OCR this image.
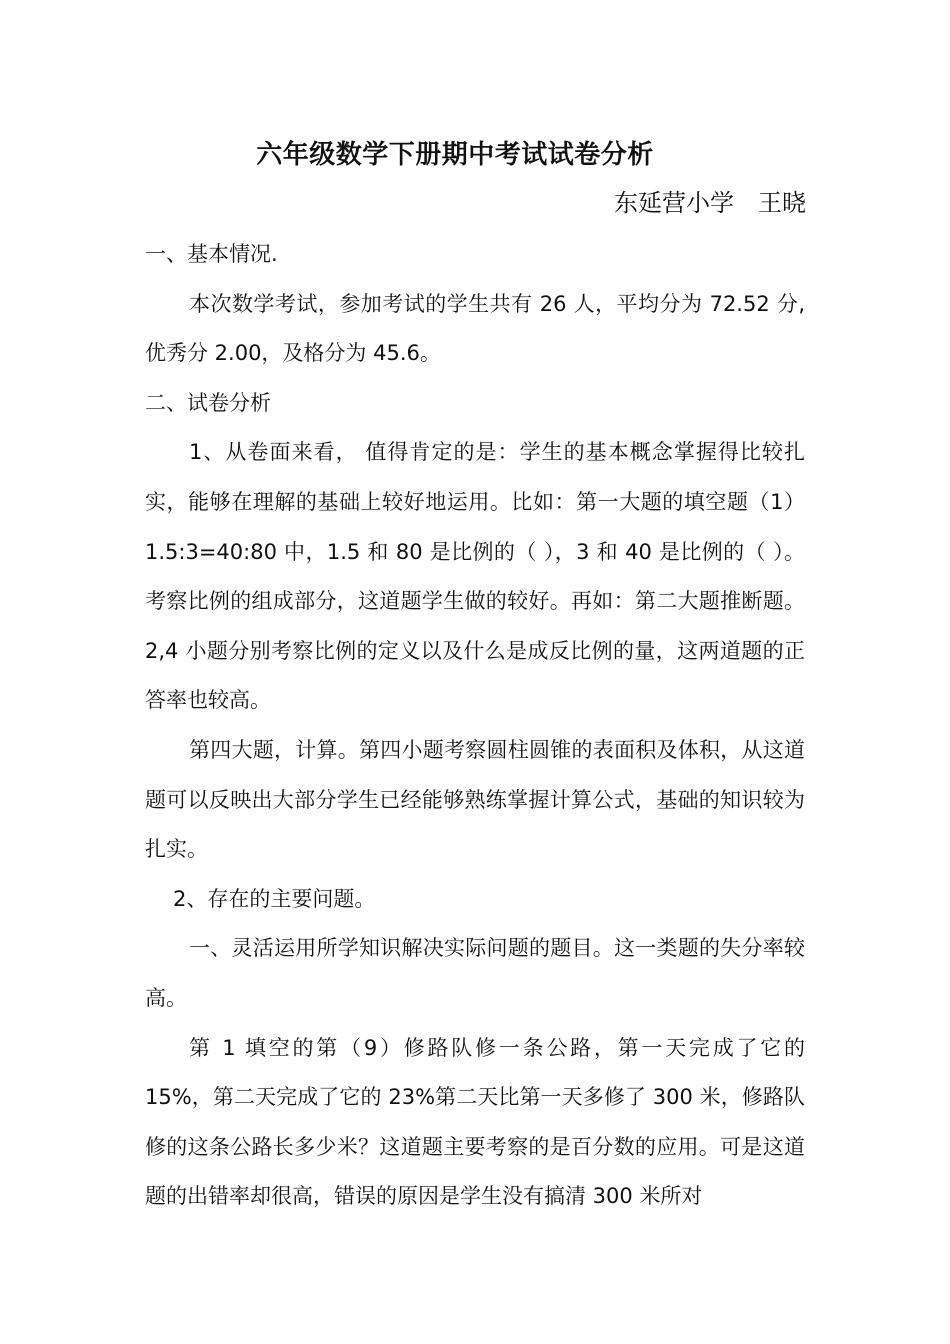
六年级数学下册期中考试试卷分析
东延营小学　王晓

一、基本情况.

本次数学考试，参加考试的学生共有 26 人，平均分为 72.52 分,优秀分 2.00，及格分为 45.6。

二、试卷分析

1、从卷面来看， 值得肯定的是：学生的基本概念掌握得比较扎实，能够在理解的基础上较好地运用。比如：第一大题的填空题（1）1.5:3=40:80 中，1.5 和 80 是比例的（ ），3 和 40 是比例的（ ）。考察比例的组成部分，这道题学生做的较好。再如：第二大题推断题。2,4 小题分别考察比例的定义以及什么是成反比例的量，这两道题的正答率也较高。

第四大题，计算。第四小题考察圆柱圆锥的表面积及体积，从这道题可以反映出大部分学生已经能够熟练掌握计算公式，基础的知识较为扎实。

2、存在的主要问题。

一、灵活运用所学知识解决实际问题的题目。这一类题的失分率较高。

第 1 填空的第（9）修路队修一条公路，第一天完成了它的 15%，第二天完成了它的 23%第二天比第一天多修了 300 米，修路队修的这条公路长多少米？这道题主要考察的是百分数的应用。可是这道题的出错率却很高，错误的原因是学生没有搞清 300 米所对
